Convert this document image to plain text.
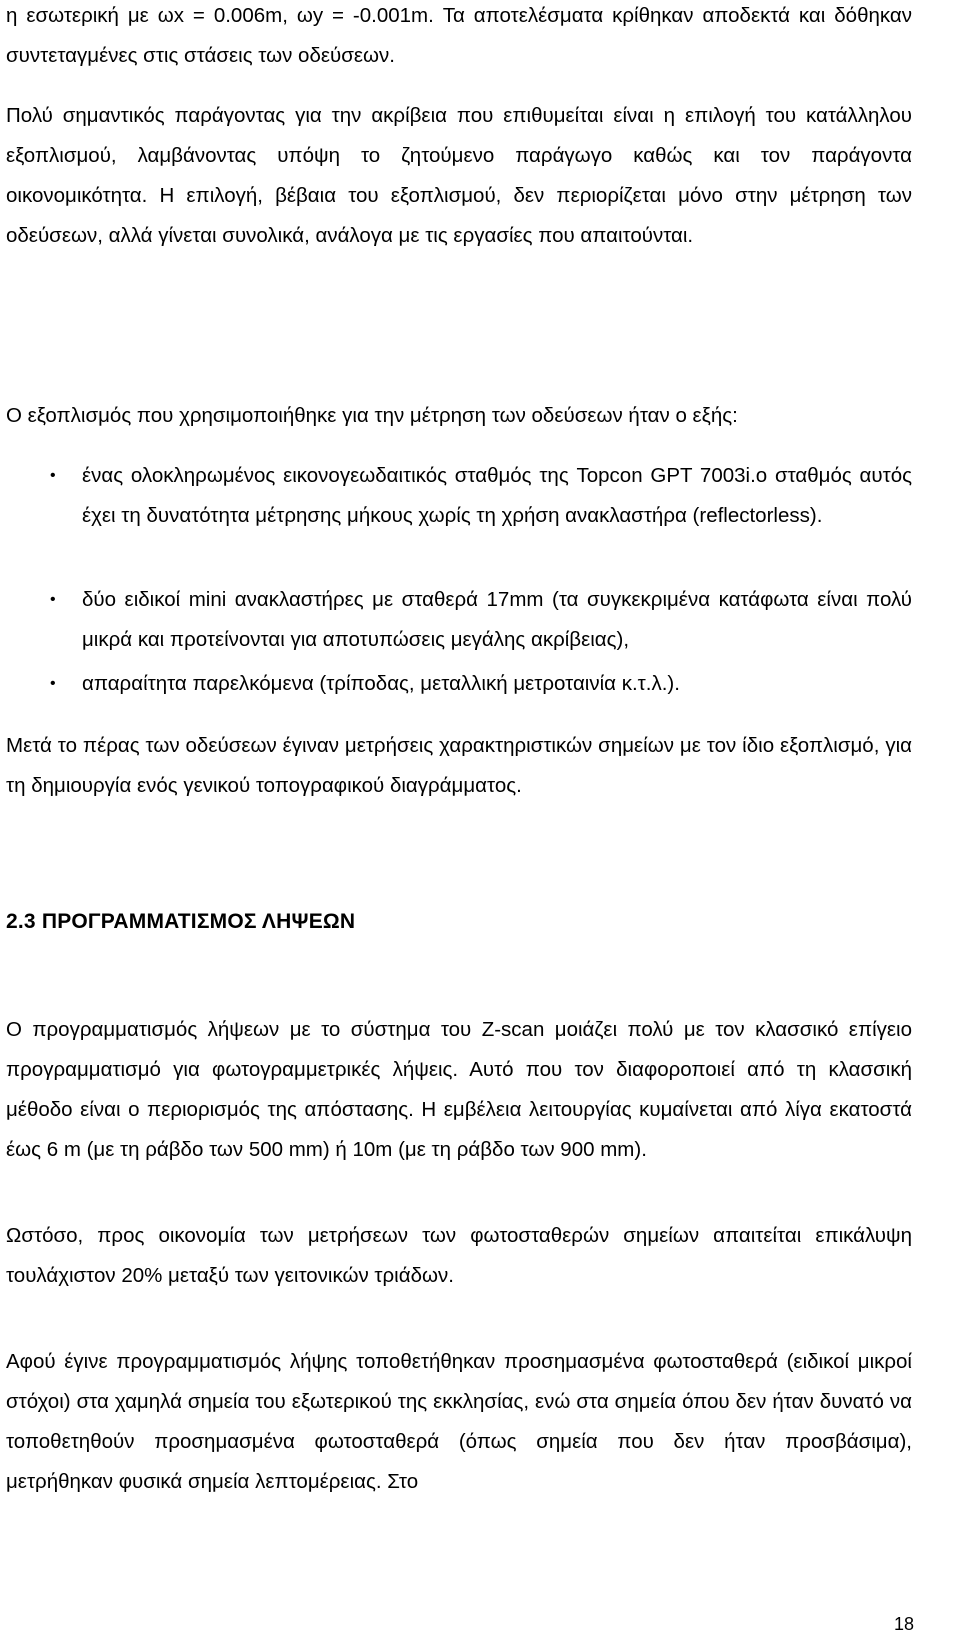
η εσωτερική με ωx = 0.006m, ωy = -0.001m. Τα αποτελέσματα κρίθηκαν αποδεκτά και δόθηκαν συντεταγμένες στις στάσεις των οδεύσεων.

Πολύ σημαντικός παράγοντας για την ακρίβεια που επιθυμείται είναι η επιλογή του κατάλληλου εξοπλισμού, λαμβάνοντας υπόψη το ζητούμενο παράγωγο καθώς και τον παράγοντα οικονομικότητα. Η επιλογή, βέβαια του εξοπλισμού, δεν περιορίζεται μόνο στην μέτρηση των οδεύσεων, αλλά γίνεται συνολικά, ανάλογα με τις εργασίες που απαιτούνται.

Ο εξοπλισμός που χρησιμοποιήθηκε για την μέτρηση των οδεύσεων ήταν ο εξής:

• ένας ολοκληρωμένος εικονογεωδαιτικός σταθμός της Topcon GPT 7003i.ο σταθμός αυτός έχει τη δυνατότητα μέτρησης μήκους χωρίς τη χρήση ανακλαστήρα (reflectorless).

• δύο ειδικοί mini ανακλαστήρες με σταθερά 17mm (τα συγκεκριμένα κατάφωτα είναι πολύ μικρά και προτείνονται για αποτυπώσεις μεγάλης ακρίβειας),

• απαραίτητα παρελκόμενα (τρίποδας, μεταλλική μετροταινία κ.τ.λ.).

Μετά το πέρας των οδεύσεων έγιναν μετρήσεις χαρακτηριστικών σημείων με τον ίδιο εξοπλισμό, για τη δημιουργία ενός γενικού τοπογραφικού διαγράμματος.

2.3 ΠΡΟΓΡΑΜΜΑΤΙΣΜΟΣ ΛΗΨΕΩΝ

Ο προγραμματισμός λήψεων με το σύστημα του Z-scan μοιάζει πολύ με τον κλασσικό επίγειο προγραμματισμό για φωτογραμμετρικές λήψεις. Αυτό που τον διαφοροποιεί από τη κλασσική μέθοδο είναι ο περιορισμός της απόστασης. Η εμβέλεια λειτουργίας κυμαίνεται από λίγα εκατοστά έως 6 m (με τη ράβδο των 500 mm) ή 10m (με τη ράβδο των 900 mm).

Ωστόσο, προς οικονομία των μετρήσεων των φωτοσταθερών σημείων απαιτείται επικάλυψη τουλάχιστον 20% μεταξύ των γειτονικών τριάδων.

Αφού έγινε προγραμματισμός λήψης τοποθετήθηκαν προσημασμένα φωτοσταθερά (ειδικοί μικροί στόχοι) στα χαμηλά σημεία του εξωτερικού της εκκλησίας, ενώ στα σημεία όπου δεν ήταν δυνατό να τοποθετηθούν προσημασμένα φωτοσταθερά (όπως σημεία που δεν ήταν προσβάσιμα), μετρήθηκαν φυσικά σημεία λεπτομέρειας. Στο

18
